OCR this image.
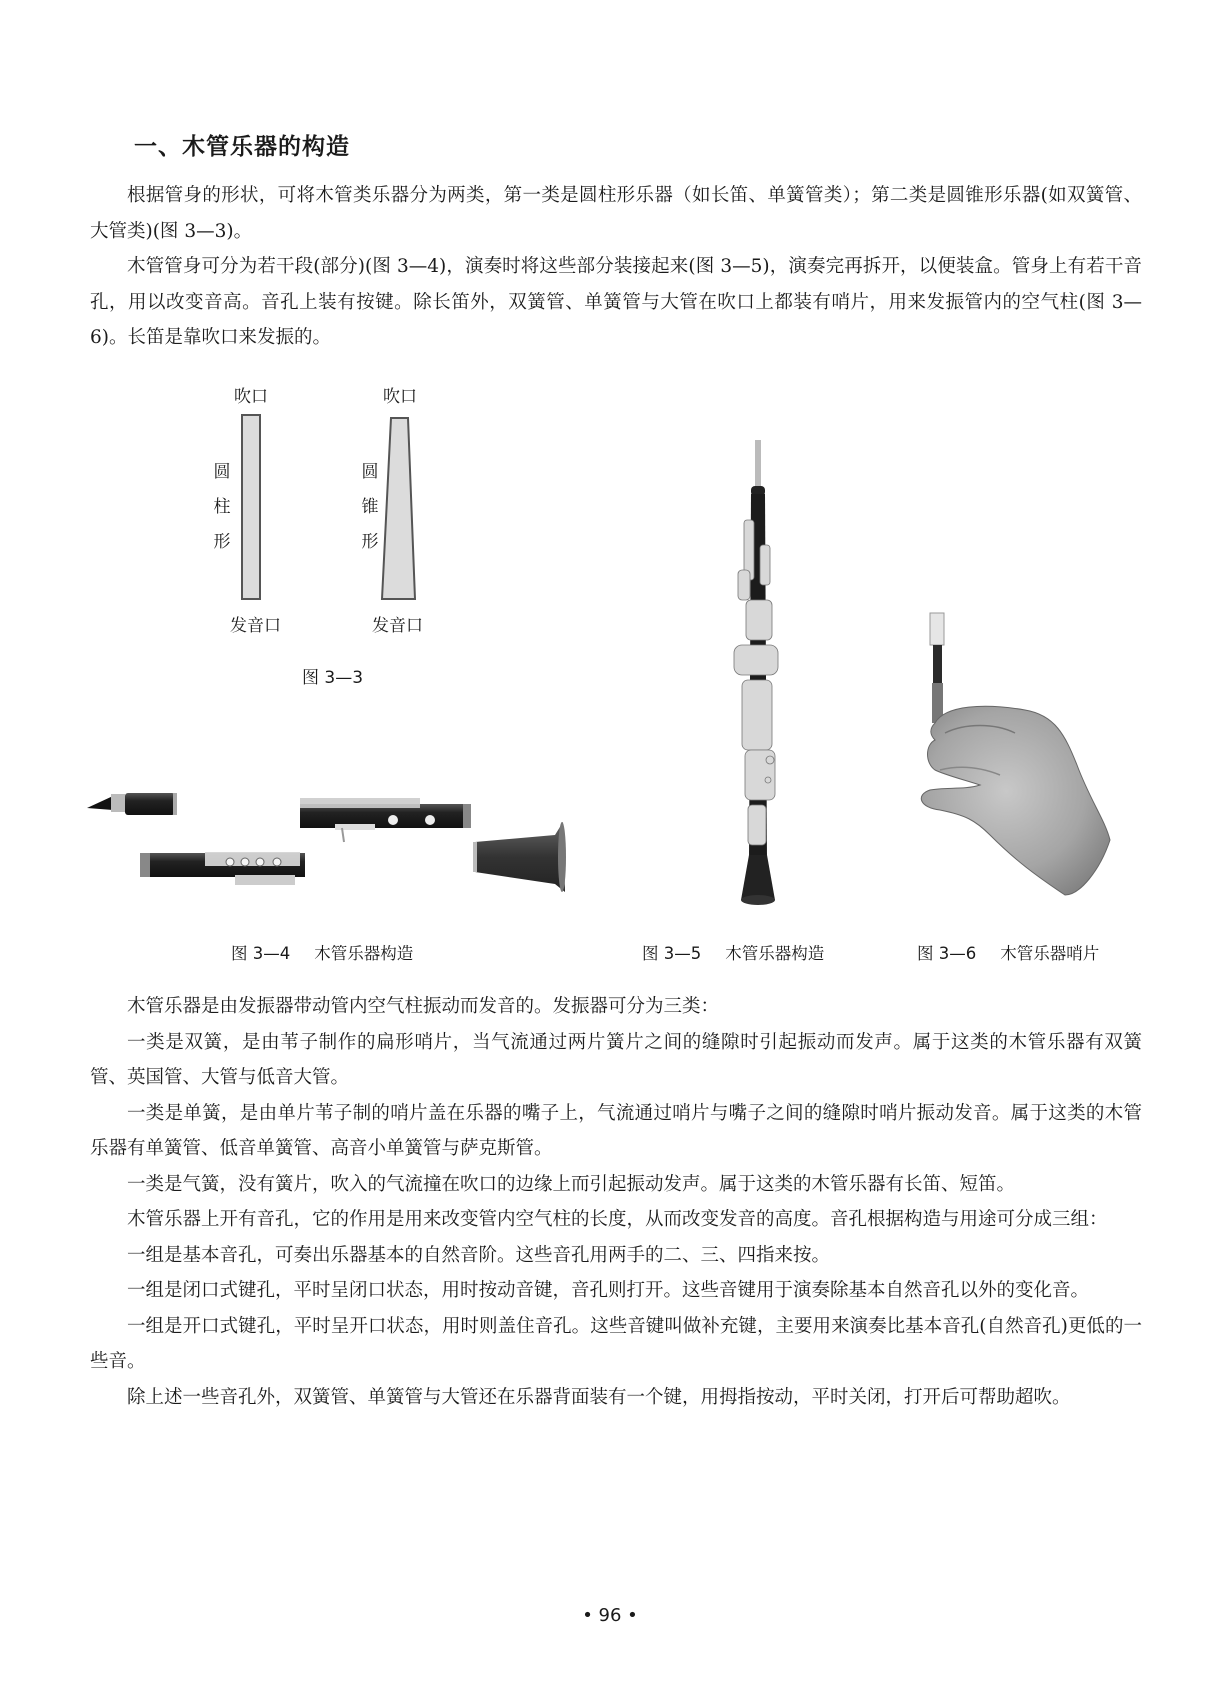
一、木管乐器的构造

根据管身的形状，可将木管类乐器分为两类，第一类是圆柱形乐器（如长笛、单簧管类）；第二类是圆锥形乐器(如双簧管、大管类)(图 3—3)。

木管管身可分为若干段(部分)(图 3—4)，演奏时将这些部分装接起来(图 3—5)，演奏完再拆开，以便装盒。管身上有若干音孔，用以改变音高。音孔上装有按键。除长笛外，双簧管、单簧管与大管在吹口上都装有哨片，用来发振管内的空气柱(图 3—6)。长笛是靠吹口来发振的。

吹口
圆
柱
形
发音口
吹口
圆
锥
形
发音口
图 3—3
图 3—4 木管乐器构造	图 3—5 木管乐器构造	图 3—6 木管乐器哨片

木管乐器是由发振器带动管内空气柱振动而发音的。发振器可分为三类：

一类是双簧，是由苇子制作的扁形哨片，当气流通过两片簧片之间的缝隙时引起振动而发声。属于这类的木管乐器有双簧管、英国管、大管与低音大管。

一类是单簧，是由单片苇子制的哨片盖在乐器的嘴子上，气流通过哨片与嘴子之间的缝隙时哨片振动发音。属于这类的木管乐器有单簧管、低音单簧管、高音小单簧管与萨克斯管。

一类是气簧，没有簧片，吹入的气流撞在吹口的边缘上而引起振动发声。属于这类的木管乐器有长笛、短笛。

木管乐器上开有音孔，它的作用是用来改变管内空气柱的长度，从而改变发音的高度。音孔根据构造与用途可分成三组：

一组是基本音孔，可奏出乐器基本的自然音阶。这些音孔用两手的二、三、四指来按。

一组是闭口式键孔，平时呈闭口状态，用时按动音键，音孔则打开。这些音键用于演奏除基本自然音孔以外的变化音。

一组是开口式键孔，平时呈开口状态，用时则盖住音孔。这些音键叫做补充键，主要用来演奏比基本音孔(自然音孔)更低的一些音。

除上述一些音孔外，双簧管、单簧管与大管还在乐器背面装有一个键，用拇指按动，平时关闭，打开后可帮助超吹。

• 96 •
